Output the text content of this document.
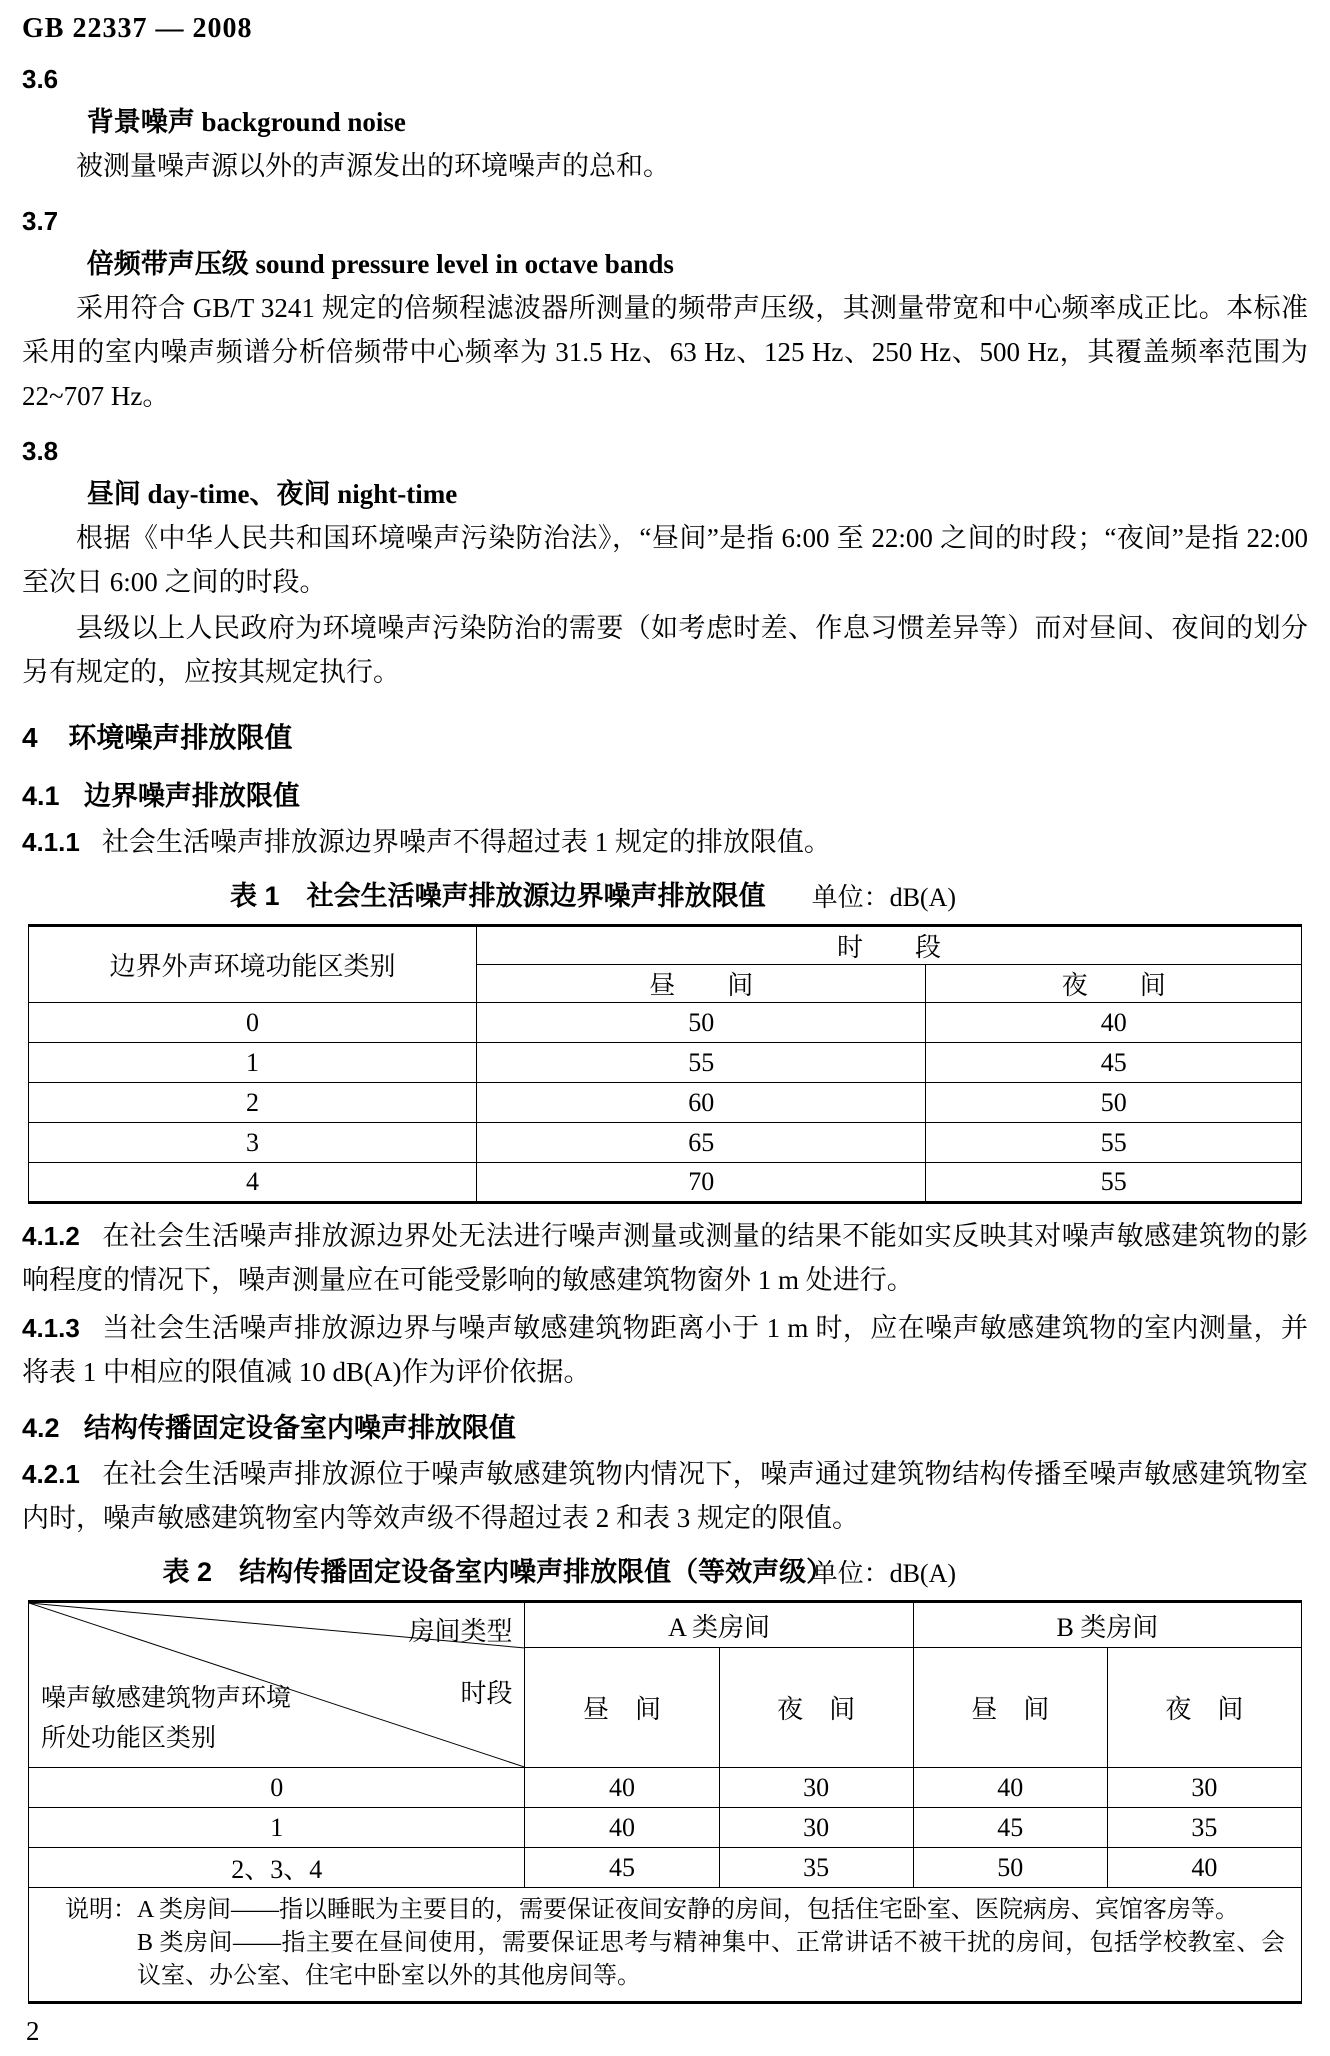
GB 22337 — 2008
3.6
背景噪声 background noise

被测量噪声源以外的声源发出的环境噪声的总和。

3.7
倍频带声压级 sound pressure level in octave bands

采用符合 GB/T 3241 规定的倍频程滤波器所测量的频带声压级，其测量带宽和中心频率成正比。本标准采用的室内噪声频谱分析倍频带中心频率为 31.5 Hz、63 Hz、125 Hz、250 Hz、500 Hz，其覆盖频率范围为 22~707 Hz。

3.8
昼间 day-time、夜间 night-time

根据《中华人民共和国环境噪声污染防治法》，“昼间”是指 6:00 至 22:00 之间的时段；“夜间”是指 22:00 至次日 6:00 之间的时段。

县级以上人民政府为环境噪声污染防治的需要（如考虑时差、作息习惯差异等）而对昼间、夜间的划分另有规定的，应按其规定执行。

4 环境噪声排放限值
4.1 边界噪声排放限值

4.1.1 社会生活噪声排放源边界噪声不得超过表 1 规定的排放限值。

表 1　社会生活噪声排放源边界噪声排放限值	单位：dB(A)
边界外声环境功能区类别	时　　段	
	昼　　间	夜　　间
0	50	40
1	55	45
2	60	50
3	65	55
4	70	55

4.1.2 在社会生活噪声排放源边界处无法进行噪声测量或测量的结果不能如实反映其对噪声敏感建筑物的影响程度的情况下，噪声测量应在可能受影响的敏感建筑物窗外 1 m 处进行。

4.1.3 当社会生活噪声排放源边界与噪声敏感建筑物距离小于 1 m 时，应在噪声敏感建筑物的室内测量，并将表 1 中相应的限值减 10 dB(A)作为评价依据。

4.2 结构传播固定设备室内噪声排放限值

4.2.1 在社会生活噪声排放源位于噪声敏感建筑物内情况下，噪声通过建筑物结构传播至噪声敏感建筑物室内时，噪声敏感建筑物室内等效声级不得超过表 2 和表 3 规定的限值。

表 2　结构传播固定设备室内噪声排放限值（等效声级）
单位：dB(A)
房间类型
时段
噪声敏感建筑物声环境
所处功能区类别	A 类房间		B 类房间	
	昼　间	夜　间	昼　间	夜　间
0	40	30	40	30
1	40	30	45	35
2、3、4	45	35	50	40

说明：A 类房间——指以睡眠为主要目的，需要保证夜间安静的房间，包括住宅卧室、医院病房、宾馆客房等。

B 类房间——指主要在昼间使用，需要保证思考与精神集中、正常讲话不被干扰的房间，包括学校教室、会议室、办公室、住宅中卧室以外的其他房间等。				

2
